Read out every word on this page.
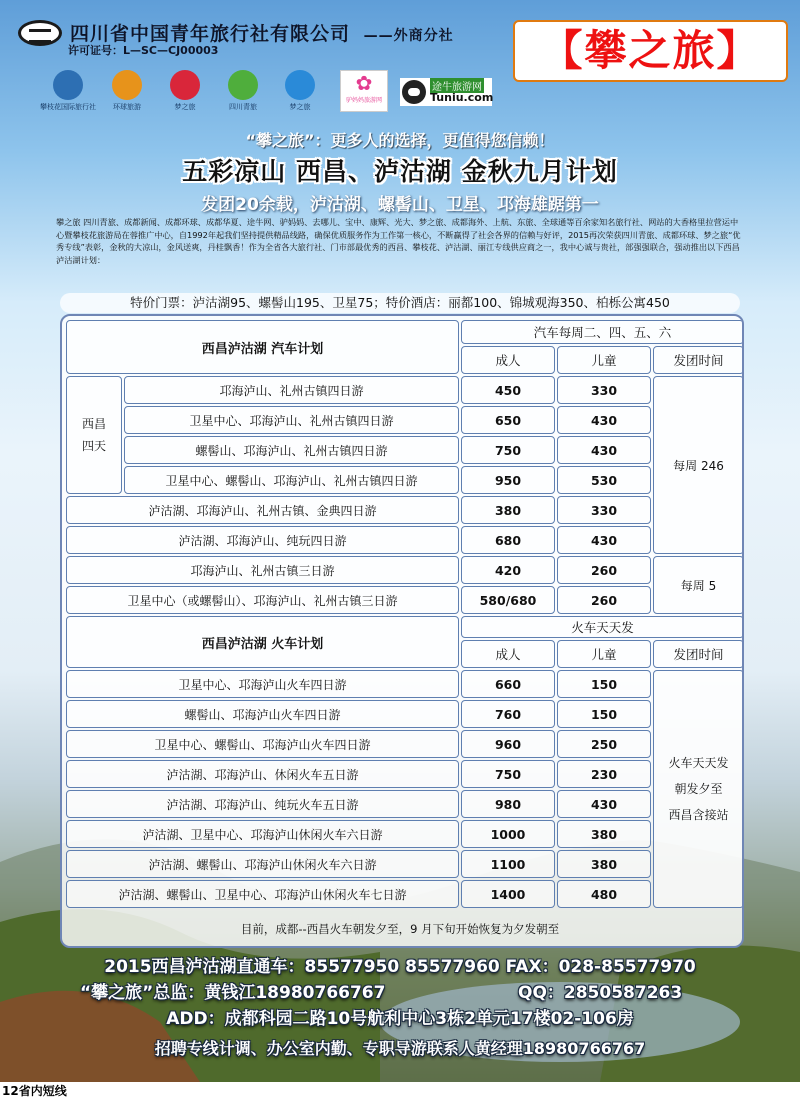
四川省中国青年旅行社有限公司 ——外商分社
许可证号：L—SC—CJ00003	【攀之旅】
攀枝花国际旅行社 环球旅游	梦之旅	四川青旅	梦之旅
✿
驴妈妈旅游网
途牛旅游网
Tuniu.com
“攀之旅”：更多人的选择，更值得您信赖！
五彩凉山 西昌、泸沽湖 金秋九月计划
发团20余载，泸沽湖、螺髻山、卫星、邛海雄踞第一
攀之旅 四川青旅、成都新闻、成都环球、成都华夏、途牛网、驴妈妈、去哪儿、宝中、康辉、光大、梦之旅、成都海外、上航、东旅、全球通等百余家知名旅行社、网站的大香格里拉营运中心暨攀枝花旅游局在蓉推广中心，自1992年起我们坚持提供精品线路，确保优质服务作为工作第一核心，不断赢得了社会各界的信赖与好评，2015再次荣获四川青旅、成都环球、梦之旅“优秀专线”表彰，金秋的大凉山，金风送爽，丹桂飘香！作为全省各大旅行社、门市部最优秀的西昌、攀枝花、泸沽湖、丽江专线供应商之一，我中心诚与贵社，部强强联合，强动推出以下西昌泸沽湖计划：
特价门票：泸沽湖95、螺髻山195、卫星75；特价酒店：丽都100、锦城观海350、柏栎公寓450
西昌泸沽湖 汽车计划		汽车每周二、四、五、六		
		成人	儿童	发团时间
西昌
四天	邛海泸山、礼州古镇四日游	450	330	每周 246
	卫星中心、邛海泸山、礼州古镇四日游	650	430	
	螺髻山、邛海泸山、礼州古镇四日游	750	430	
	卫星中心、螺髻山、邛海泸山、礼州古镇四日游	950	530	
泸沽湖、邛海泸山、礼州古镇、金典四日游		380	330	
泸沽湖、邛海泸山、纯玩四日游		680	430	
邛海泸山、礼州古镇三日游		420	260	每周 5
卫星中心（或螺髻山）、邛海泸山、礼州古镇三日游		580/680	260	
西昌泸沽湖 火车计划		火车天天发		
		成人	儿童	发团时间
卫星中心、邛海泸山火车四日游		660	150	火车天天发
朝发夕至
西昌含接站

螺髻山、邛海泸山火车四日游		760	150	
卫星中心、螺髻山、邛海泸山火车四日游		960	250	
泸沽湖、邛海泸山、休闲火车五日游		750	230	
泸沽湖、邛海泸山、纯玩火车五日游		980	430	
泸沽湖、卫星中心、邛海泸山休闲火车六日游		1000	380	
泸沽湖、螺髻山、邛海泸山休闲火车六日游		1100	380	
泸沽湖、螺髻山、卫星中心、邛海泸山休闲火车七日游		1400	480	
目前，成都--西昌火车朝发夕至，9 月下旬开始恢复为夕发朝至
2015西昌泸沽湖直通车：85577950 85577960 FAX：028-85577970
“攀之旅”总监：黄钱江18980766767	QQ：2850587263
ADD：成都科园二路10号航利中心3栋2单元17楼02-106房
招聘专线计调、办公室内勤、专职导游联系人黄经理18980766767
12省内短线
